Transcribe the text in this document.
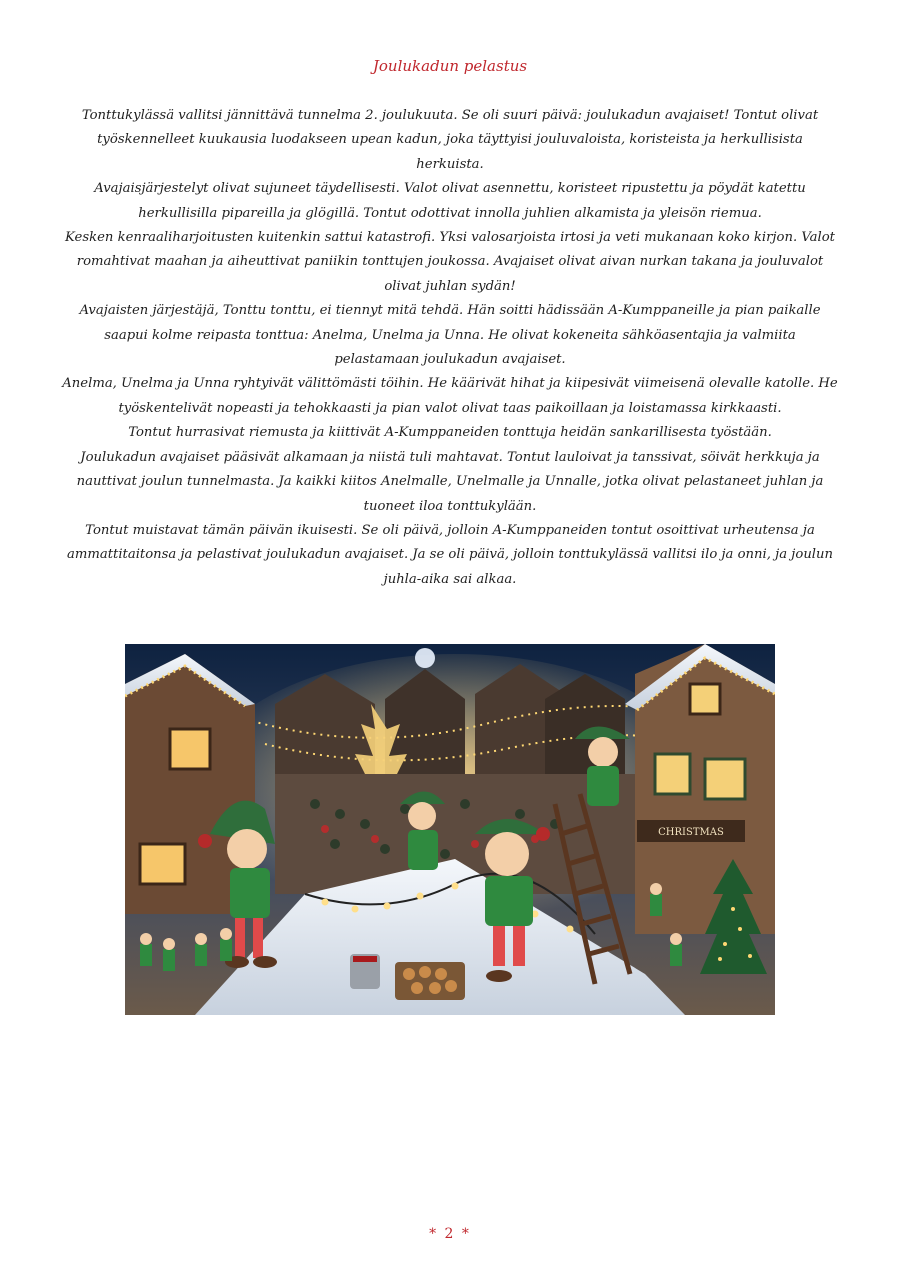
Joulukadun pelastus

Tonttukylässä vallitsi jännittävä tunnelma 2. joulukuuta. Se oli suuri päivä: joulukadun avajaiset! Tontut olivat työskennelleet kuukausia luodakseen upean kadun, joka täyttyisi jouluvaloista, koristeista ja herkullisista herkuista.

Avajaisjärjestelyt olivat sujuneet täydellisesti. Valot olivat asennettu, koristeet ripustettu ja pöydät katettu herkullisilla pipareilla ja glögillä. Tontut odottivat innolla juhlien alkamista ja yleisön riemua.

Kesken kenraaliharjoitusten kuitenkin sattui katastrofi. Yksi valosarjoista irtosi ja veti mukanaan koko kirjon. Valot romahtivat maahan ja aiheuttivat paniikin tonttujen joukossa. Avajaiset olivat aivan nurkan takana ja jouluvalot olivat juhlan sydän!

Avajaisten järjestäjä, Tonttu tonttu, ei tiennyt mitä tehdä. Hän soitti hädissään A-Kumppaneille ja pian paikalle saapui kolme reipasta tonttua: Anelma, Unelma ja Unna. He olivat kokeneita sähköasentajia ja valmiita pelastamaan joulukadun avajaiset.

Anelma, Unelma ja Unna ryhtyivät välittömästi töihin. He käärivät hihat ja kiipesivät viimeisenä olevalle katolle. He työskentelivät nopeasti ja tehokkaasti ja pian valot olivat taas paikoillaan ja loistamassa kirkkaasti.

Tontut hurrasivat riemusta ja kiittivät A-Kumppaneiden tonttuja heidän sankarillisesta työstään.

Joulukadun avajaiset pääsivät alkamaan ja niistä tuli mahtavat. Tontut lauloivat ja tanssivat, söivät herkkuja ja nauttivat joulun tunnelmasta. Ja kaikki kiitos Anelmalle, Unelmalle ja Unnalle, jotka olivat pelastaneet juhlan ja tuoneet iloa tonttukylään.

Tontut muistavat tämän päivän ikuisesti. Se oli päivä, jolloin A-Kumppaneiden tontut osoittivat urheutensa ja ammattitaitonsa ja pelastivat joulukadun avajaiset. Ja se oli päivä, jolloin tonttukylässä vallitsi ilo ja onni, ja joulun juhla-aika sai alkaa.

CHRISTMAS
* 2 *
